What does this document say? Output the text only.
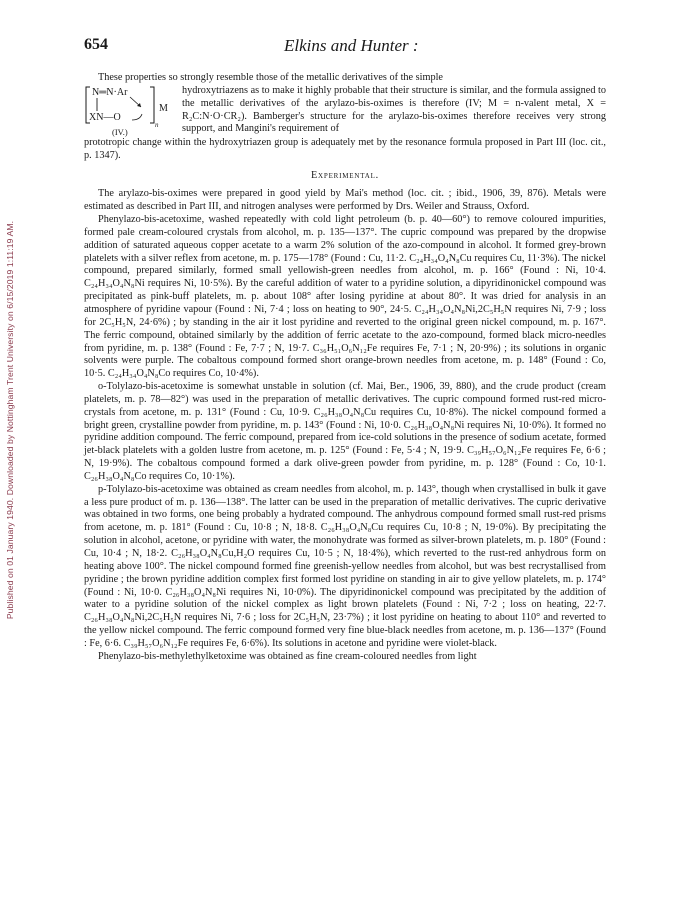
Published on 01 January 1940. Downloaded by Nottingham Trent University on 6/15/2019 1:11:19 AM.
654	Elkins and Hunter :

These properties so strongly resemble those of the metallic derivatives of the simple

N═N·Ar
XN—O
M
n
(IV.)

hydroxytriazens as to make it highly probable that their structure is similar, and the formula assigned to the metallic derivatives of the arylazo-bis-oximes is therefore (IV; M = n-valent metal, X = R₂C:N·O·CR₂). Bamberger's structure for the arylazo-bis-oximes therefore receives very strong support, and Mangini's requirement of

prototropic change within the hydroxytriazen group is adequately met by the resonance formula proposed in Part III (loc. cit., p. 1347).

Experimental.

The arylazo-bis-oximes were prepared in good yield by Mai's method (loc. cit. ; ibid., 1906, 39, 876). Metals were estimated as described in Part III, and nitrogen analyses were performed by Drs. Weiler and Strauss, Oxford.

Phenylazo-bis-acetoxime, washed repeatedly with cold light petroleum (b. p. 40—60°) to remove coloured impurities, formed pale cream-coloured crystals from alcohol, m. p. 135—137°. The cupric compound was prepared by the dropwise addition of saturated aqueous copper acetate to a warm 2% solution of the azo-compound in alcohol. It formed grey-brown platelets with a silver reflex from acetone, m. p. 175—178° (Found : Cu, 11·2. C₂₄H₃₄O₄N₈Cu requires Cu, 11·3%). The nickel compound, prepared similarly, formed small yellowish-green needles from alcohol, m. p. 166° (Found : Ni, 10·4. C₂₄H₃₄O₄N₈Ni requires Ni, 10·5%). By the careful addition of water to a pyridine solution, a dipyridinonickel compound was precipitated as pink-buff platelets, m. p. about 108° after losing pyridine at about 80°. It was dried for analysis in an atmosphere of pyridine vapour (Found : Ni, 7·4 ; loss on heating to 90°, 24·5. C₂₄H₃₄O₄N₈Ni,2C₅H₅N requires Ni, 7·9 ; loss for 2C₅H₅N, 24·6%) ; by standing in the air it lost pyridine and reverted to the original green nickel compound, m. p. 167°. The ferric compound, obtained similarly by the addition of ferric acetate to the azo-compound, formed black micro-needles from pyridine, m. p. 138° (Found : Fe, 7·7 ; N, 19·7. C₃₆H₅₁O₆N₁₂Fe requires Fe, 7·1 ; N, 20·9%) ; its solutions in organic solvents were purple. The cobaltous compound formed short orange-brown needles from acetone, m. p. 148° (Found : Co, 10·5. C₂₄H₃₄O₄N₈Co requires Co, 10·4%).

o-Tolylazo-bis-acetoxime is somewhat unstable in solution (cf. Mai, Ber., 1906, 39, 880), and the crude product (cream platelets, m. p. 78—82°) was used in the preparation of metallic derivatives. The cupric compound formed rust-red micro-crystals from acetone, m. p. 131° (Found : Cu, 10·9. C₂₆H₃₈O₄N₈Cu requires Cu, 10·8%). The nickel compound formed a bright green, crystalline powder from pyridine, m. p. 143° (Found : Ni, 10·0. C₂₆H₃₈O₄N₈Ni requires Ni, 10·0%). It formed no pyridine addition compound. The ferric compound, prepared from ice-cold solutions in the presence of sodium acetate, formed jet-black platelets with a golden lustre from acetone, m. p. 125° (Found : Fe, 5·4 ; N, 19·9. C₃₉H₅₇O₆N₁₂Fe requires Fe, 6·6 ; N, 19·9%). The cobaltous compound formed a dark olive-green powder from pyridine, m. p. 128° (Found : Co, 10·1. C₂₆H₃₈O₄N₈Co requires Co, 10·1%).

p-Tolylazo-bis-acetoxime was obtained as cream needles from alcohol, m. p. 143°, though when crystallised in bulk it gave a less pure product of m. p. 136—138°. The latter can be used in the preparation of metallic derivatives. The cupric derivative was obtained in two forms, one being probably a hydrated compound. The anhydrous compound formed small rust-red prisms from acetone, m. p. 181° (Found : Cu, 10·8 ; N, 18·8. C₂₆H₃₈O₄N₈Cu requires Cu, 10·8 ; N, 19·0%). By precipitating the solution in alcohol, acetone, or pyridine with water, the monohydrate was formed as silver-brown platelets, m. p. 180° (Found : Cu, 10·4 ; N, 18·2. C₂₆H₃₈O₄N₈Cu,H₂O requires Cu, 10·5 ; N, 18·4%), which reverted to the rust-red anhydrous form on heating above 100°. The nickel compound formed fine greenish-yellow needles from alcohol, but was best recrystallised from pyridine ; the brown pyridine addition complex first formed lost pyridine on standing in air to give yellow platelets, m. p. 174° (Found : Ni, 10·0. C₂₆H₃₈O₄N₈Ni requires Ni, 10·0%). The dipyridinonickel compound was precipitated by the addition of water to a pyridine solution of the nickel complex as light brown platelets (Found : Ni, 7·2 ; loss on heating, 22·7. C₂₆H₃₈O₄N₈Ni,2C₅H₅N requires Ni, 7·6 ; loss for 2C₅H₅N, 23·7%) ; it lost pyridine on heating to about 110° and reverted to the yellow nickel compound. The ferric compound formed very fine blue-black needles from acetone, m. p. 136—137° (Found : Fe, 6·6. C₃₉H₅₇O₆N₁₂Fe requires Fe, 6·6%). Its solutions in acetone and pyridine were violet-black.

Phenylazo-bis-methylethylketoxime was obtained as fine cream-coloured needles from light
